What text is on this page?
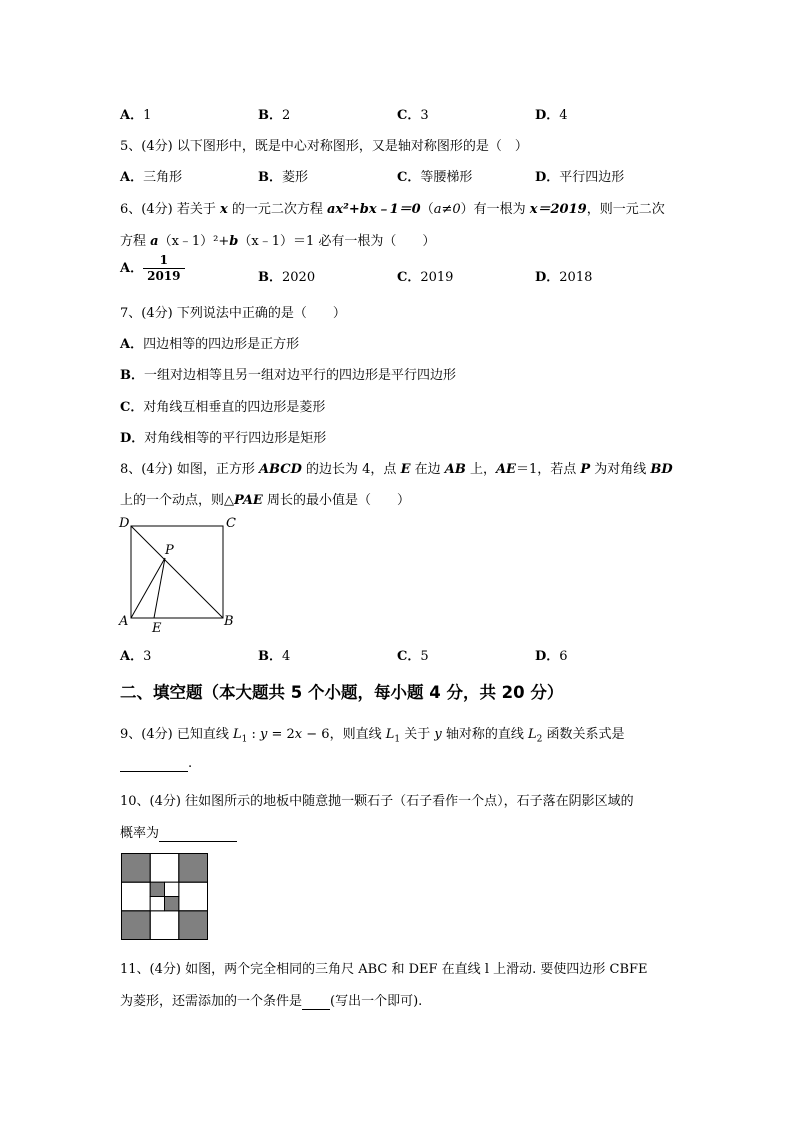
A．1	B．2	C．3	D．4
5、(4分) 以下图形中，既是中心对称图形，又是轴对称图形的是（　）
A．三角形	B．菱形	C．等腰梯形	D．平行四边形
6、(4分) 若关于 x 的一元二次方程 ax²+bx﹣1＝0（a≠0）有一根为 x＝2019，则一元二次
方程 a（x﹣1）²+b（x﹣1）＝1 必有一根为（　　）
A． $\frac{1}{2019}$	B．2020	C．2019	D．2018
7、(4分) 下列说法中正确的是（　　）
A．四边相等的四边形是正方形
B．一组对边相等且另一组对边平行的四边形是平行四边形
C．对角线互相垂直的四边形是菱形
D．对角线相等的平行四边形是矩形
8、(4分) 如图，正方形 ABCD 的边长为 4，点 E 在边 AB 上，AE＝1，若点 P 为对角线 BD
上的一个动点，则△PAE 周长的最小值是（　　）
D	C
P
A E	B
A．3	B．4	C．5	D．6
二、填空题（本大题共 5 个小题，每小题 4 分，共 20 分）
9、(4分) 已知直线 $L_1$ : y = 2x − 6，则直线 $L_1$ 关于 y 轴对称的直线 $L_2$ 函数关系式是
.
10、(4分) 往如图所示的地板中随意抛一颗石子（石子看作一个点），石子落在阴影区域的
概率为
11、(4分) 如图，两个完全相同的三角尺 ABC 和 DEF 在直线 l 上滑动. 要使四边形 CBFE
为菱形，还需添加的一个条件是 (写出一个即可).
